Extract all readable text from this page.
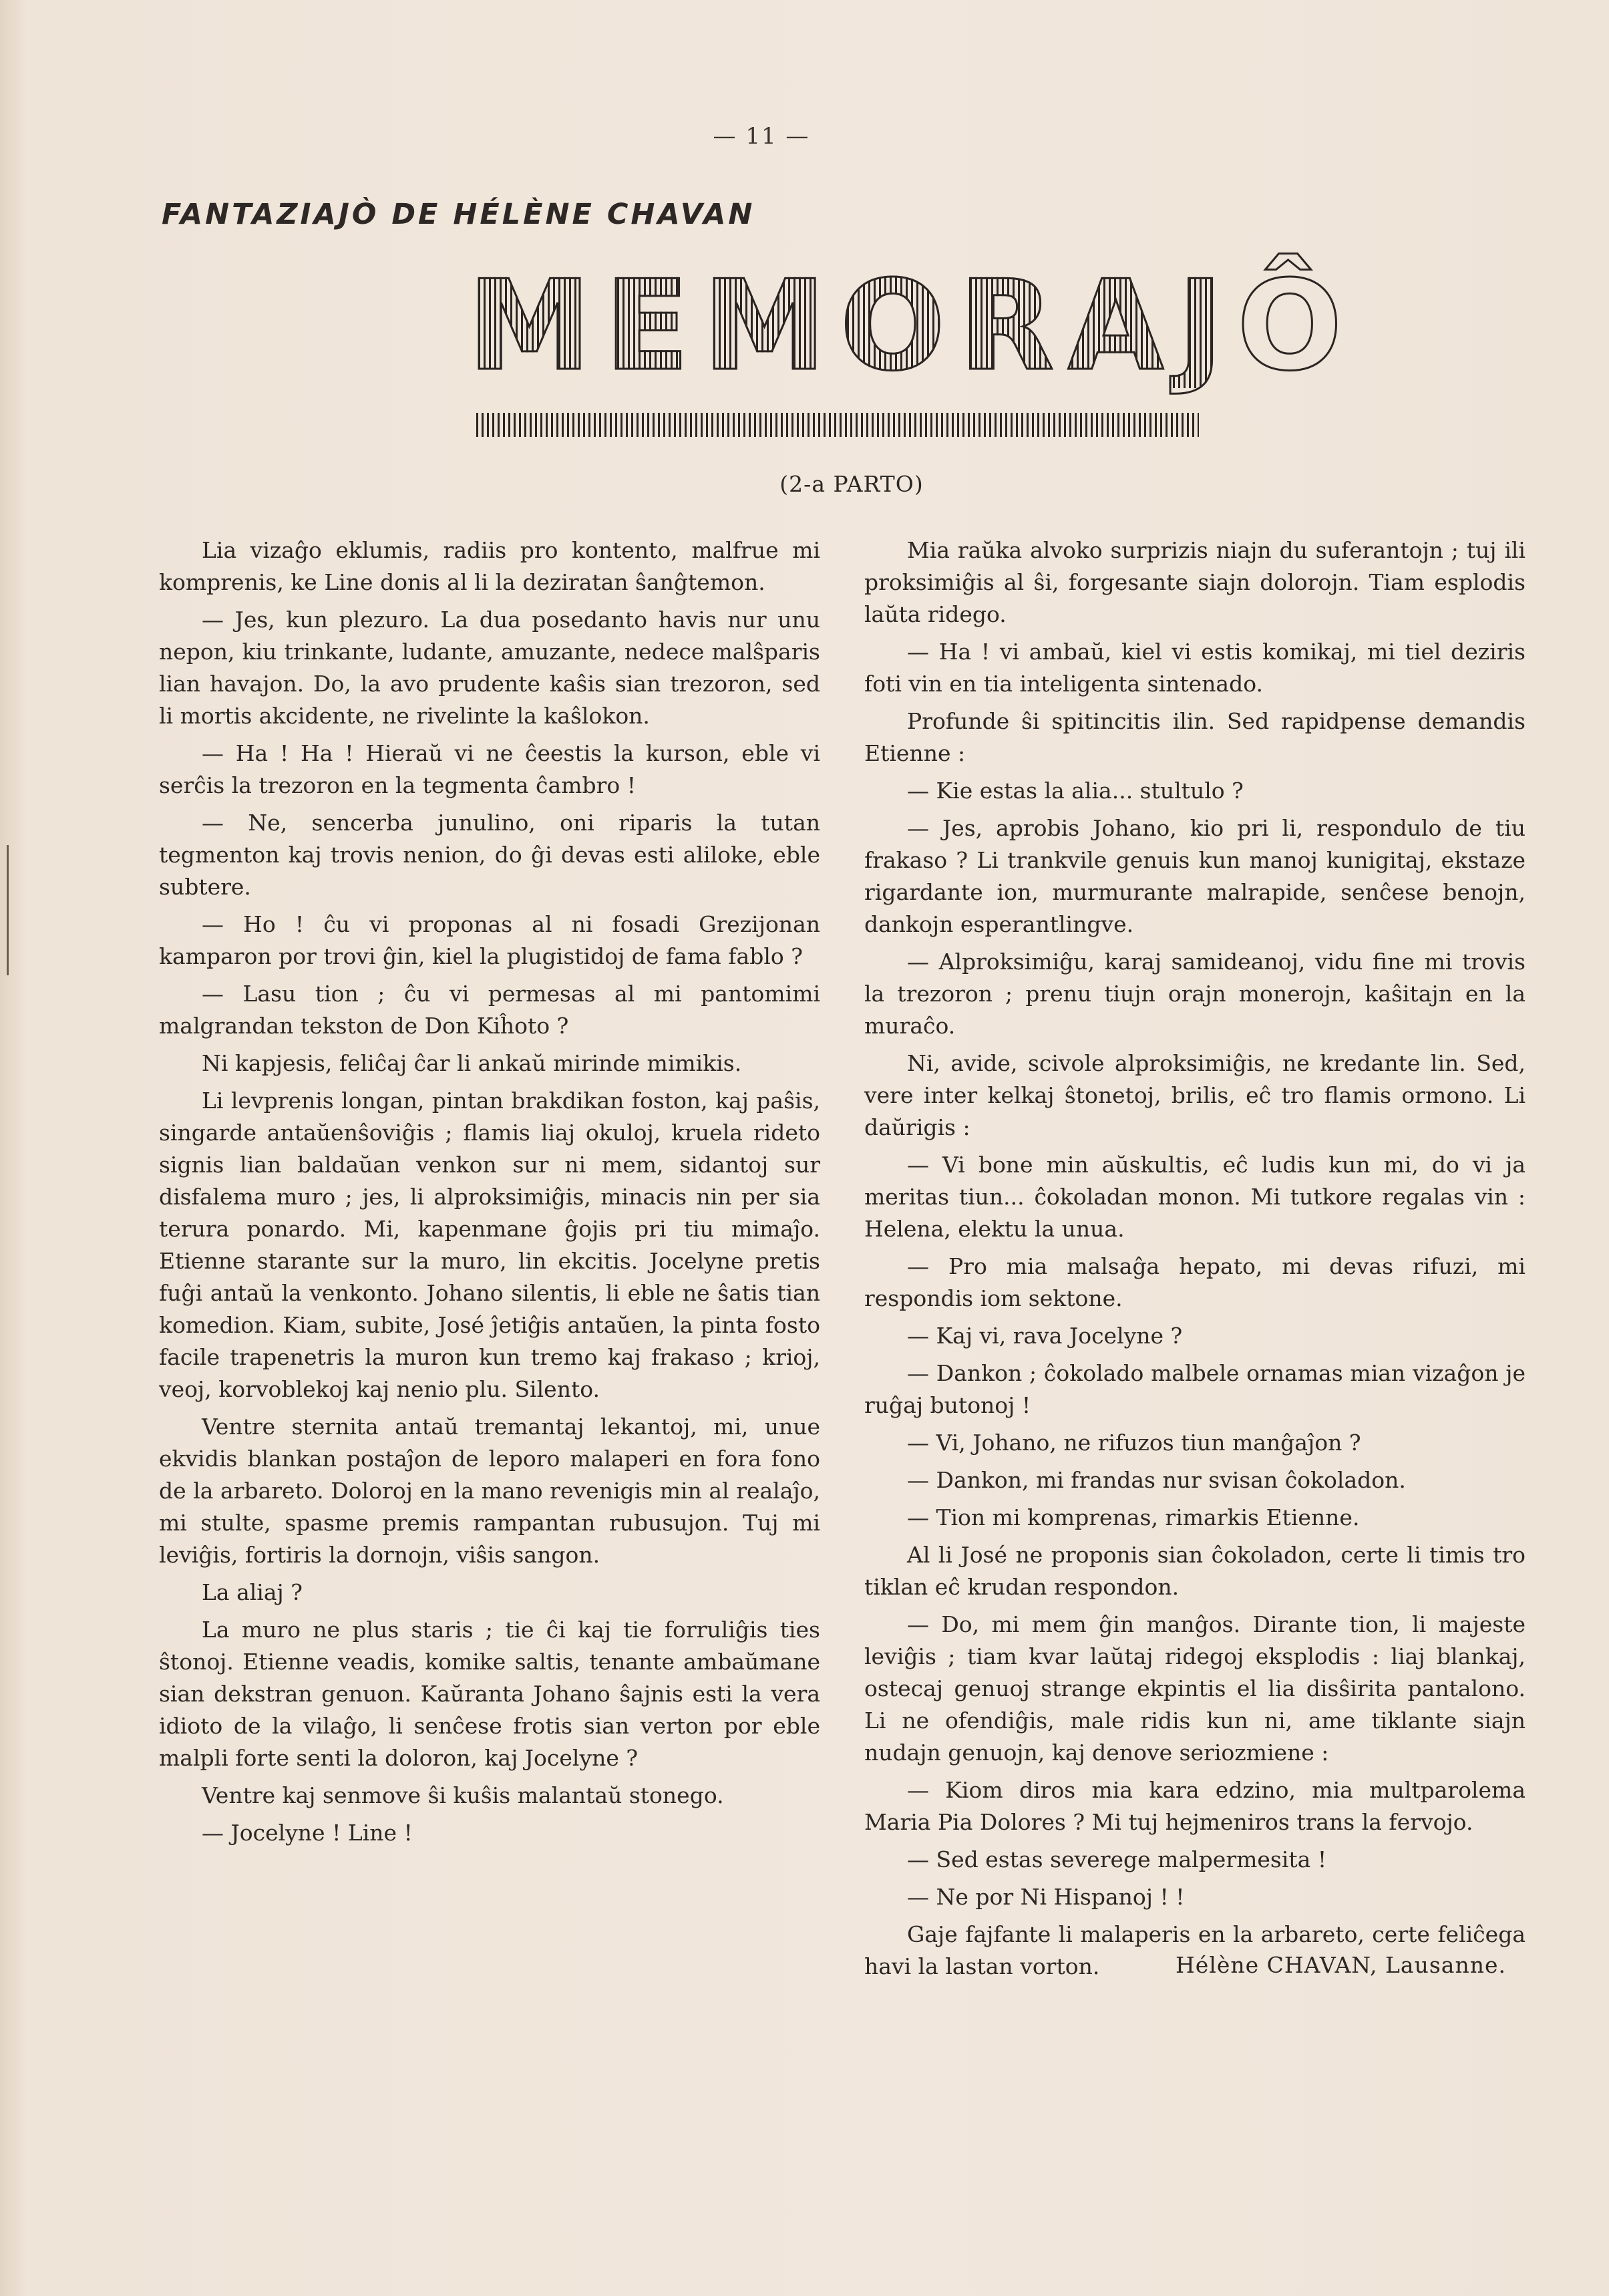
— 11 —
FANTAZIAJÒ DE HÉLÈNE CHAVAN
MEMORAJÔ
(2-a PARTO)

Lia vizaĝo eklumis, radiis pro kontento, malfrue mi komprenis, ke Line donis al li la deziratan ŝanĝtemon.

— Jes, kun plezuro. La dua posedanto havis nur unu nepon, kiu trinkante, ludante, amuzante, nedece malŝparis lian havajon. Do, la avo prudente kaŝis sian trezoron, sed li mortis akcidente, ne rivelinte la kaŝlokon.

— Ha ! Ha ! Hieraŭ vi ne ĉeestis la kurson, eble vi serĉis la trezoron en la tegmenta ĉambro !

— Ne, sencerba junulino, oni riparis la tutan tegmenton kaj trovis nenion, do ĝi devas esti aliloke, eble subtere.

— Ho ! ĉu vi proponas al ni fosadi Grezijonan kamparon por trovi ĝin, kiel la plugistidoj de fama fablo ?

— Lasu tion ; ĉu vi permesas al mi pantomimi malgrandan tekston de Don Kiĥoto ?

Ni kapjesis, feliĉaj ĉar li ankaŭ mirinde mimikis.

Li levprenis longan, pintan brakdikan foston, kaj paŝis, singarde antaŭenŝoviĝis ; flamis liaj okuloj, kruela rideto signis lian baldaŭan venkon sur ni mem, sidantoj sur disfalema muro ; jes, li alproksimiĝis, minacis nin per sia terura ponardo. Mi, kapenmane ĝojis pri tiu mimaĵo. Etienne starante sur la muro, lin ekcitis. Jocelyne pretis fuĝi antaŭ la venkonto. Johano silentis, li eble ne ŝatis tian komedion. Kiam, subite, José ĵetiĝis antaŭen, la pinta fosto facile trapenetris la muron kun tremo kaj frakaso ; krioj, veoj, korvoblekoj kaj nenio plu. Silento.

Ventre sternita antaŭ tremantaj lekantoj, mi, unue ekvidis blankan postaĵon de leporo malaperi en fora fono de la arbareto. Doloroj en la mano revenigis min al realaĵo, mi stulte, spasme premis rampantan rubusujon. Tuj mi leviĝis, fortiris la dornojn, viŝis sangon.

La aliaj ?

La muro ne plus staris ; tie ĉi kaj tie forruliĝis ties ŝtonoj. Etienne veadis, komike saltis, tenante ambaŭmane sian dekstran genuon. Kaŭranta Johano ŝajnis esti la vera idioto de la vilaĝo, li senĉese frotis sian verton por eble malpli forte senti la doloron, kaj Jocelyne ?

Ventre kaj senmove ŝi kuŝis malantaŭ stonego.

— Jocelyne ! Line !

Mia raŭka alvoko surprizis niajn du suferantojn ; tuj ili proksimiĝis al ŝi, forgesante siajn dolorojn. Tiam esplodis laŭta ridego.

— Ha ! vi ambaŭ, kiel vi estis komikaj, mi tiel deziris foti vin en tia inteligenta sintenado.

Profunde ŝi spitincitis ilin. Sed rapidpense demandis Etienne :

— Kie estas la alia... stultulo ?

— Jes, aprobis Johano, kio pri li, respondulo de tiu frakaso ? Li trankvile genuis kun manoj kunigitaj, ekstaze rigardante ion, murmurante malrapide, senĉese benojn, dankojn esperantlingve.

— Alproksimiĝu, karaj samideanoj, vidu fine mi trovis la trezoron ; prenu tiujn orajn monerojn, kaŝitajn en la muraĉo.

Ni, avide, scivole alproksimiĝis, ne kredante lin. Sed, vere inter kelkaj ŝtonetoj, brilis, eĉ tro flamis ormono. Li daŭrigis :

— Vi bone min aŭskultis, eĉ ludis kun mi, do vi ja meritas tiun... ĉokoladan monon. Mi tutkore regalas vin : Helena, elektu la unua.

— Pro mia malsaĝa hepato, mi devas rifuzi, mi respondis iom sektone.

— Kaj vi, rava Jocelyne ?

— Dankon ; ĉokolado malbele ornamas mian vizaĝon je ruĝaj butonoj !

— Vi, Johano, ne rifuzos tiun manĝaĵon ?

— Dankon, mi frandas nur svisan ĉokoladon.

— Tion mi komprenas, rimarkis Etienne.

Al li José ne proponis sian ĉokoladon, certe li timis tro tiklan eĉ krudan respondon.

— Do, mi mem ĝin manĝos. Dirante tion, li majeste leviĝis ; tiam kvar laŭtaj ridegoj eksplodis : liaj blankaj, ostecaj genuoj strange ekpintis el lia disŝirita pantalono. Li ne ofendiĝis, male ridis kun ni, ame tiklante siajn nudajn genuojn, kaj denove seriozmiene :

— Kiom diros mia kara edzino, mia multparolema Maria Pia Dolores ? Mi tuj hejmeniros trans la fervojo.

— Sed estas severege malpermesita !

— Ne por Ni Hispanoj ! !

Gaje fajfante li malaperis en la arbareto, certe feliĉega havi la lastan vorton.	Hélène CHAVAN, Lausanne.
